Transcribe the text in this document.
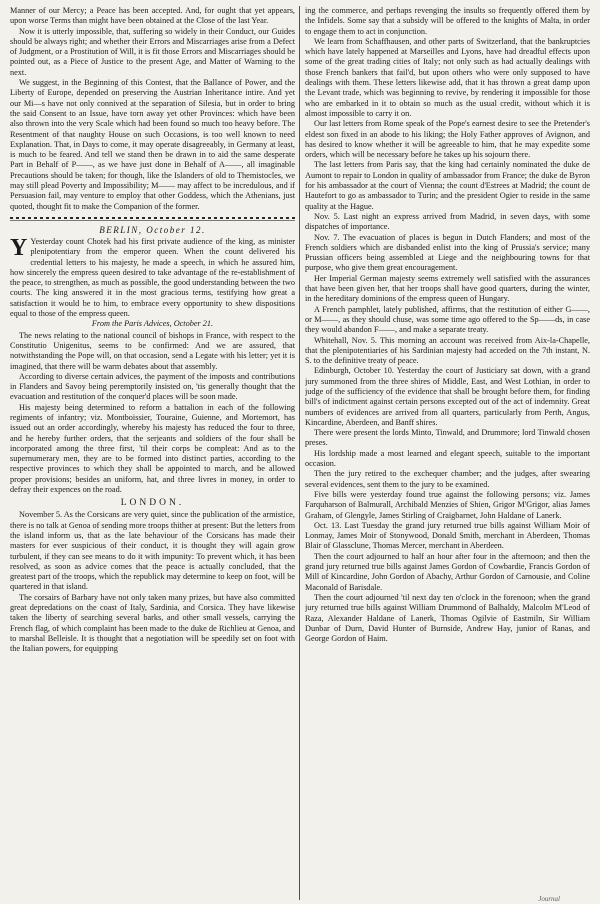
Manner of our Mercy; a Peace has been accepted. And, for ought that yet appears, upon worse Terms than might have been obtained at the Close of the last Year.

Now it is utterly impossible, that, suffering so widely in their Conduct, our Guides should be always right; and whether their Errors and Miscarriages arise from a Defect of Judgment, or a Prostitution of Will, it is fit those Errors and Miscarriages should be pointed out, as a Piece of Justice to the present Age, and Matter of Warning to the next.

We suggest, in the Beginning of this Contest, that the Ballance of Power, and the Liberty of Europe, depended on preserving the Austrian Inheritance intire. And yet our Mi—s have not only connived at the separation of Silesia, but in order to bring the said Consent to an Issue, have torn away yet other Provinces: which have been also thrown into the very Scale which had been found so much too heavy before. The Resentment of that naughty House on such Occasions, is too well known to need Explanation. That, in Days to come, it may operate disagreeably, in Germany at least, is much to be feared. And tell we stand then be drawn in to aid the same desperate Part in Behalf of P——, as we have just done in Behalf of A——, all imaginable Precautions should be taken; for though, like the Islanders of old to Themistocles, we may still plead Poverty and Impossibility; M—— may affect to be incredulous, and if Persuasion fail, may venture to employ that other Goddess, which the Athenians, just quoted, thought fit to make the Companion of the former.

BERLIN, October 12.

Y Yesterday count Chotek had his first private audience of the king, as minister plenipotentiary from the emperor queen. When the count delivered his credential letters to his majesty, he made a speech, in which he assured him, how sincerely the empress queen desired to take advantage of the re-establishment of the peace, to strengthen, as much as possible, the good understanding between the two courts. The king answered it in the most gracious terms, testifying how great a satisfaction it would be to him, to embrace every opportunity to shew dispositions equal to those of the empress queen.

From the Paris Advices, October 21.

The news relating to the national council of bishops in France, with respect to the Constitutio Unigenitus, seems to be confirmed: And we are assured, that notwithstanding the Pope will, on that occasion, send a Legate with his letter; yet it is imagined, that there will be warm debates about that assembly.

According to diverse certain advices, the payment of the imposts and contributions in Flanders and Savoy being peremptorily insisted on, 'tis generally thought that the evacuation and restitution of the conquer'd places will be soon made.

His majesty being determined to reform a battalion in each of the following regiments of infantry; viz. Montboissier, Touraine, Guienne, and Mortemort, has issued out an order accordingly, whereby his majesty has reduced the four to three, and he hereby further orders, that the serjeants and soldiers of the four shall be incorporated among the three first, 'til their corps be compleat: And as to the supernumerary men, they are to be formed into distinct parties, according to the respective provinces to which they shall be appointed to march, and be allowed proper provisions; besides an uniform, hat, and three livres in money, in order to defray their expences on the road.

LONDON.

November 5. As the Corsicans are very quiet, since the publication of the armistice, there is no talk at Genoa of sending more troops thither at present: But the letters from the island inform us, that as the late behaviour of the Corsicans has made their masters for ever suspicious of their conduct, it is thought they will again grow turbulent, if they can see means to do it with impunity: To prevent which, it has been resolved, as soon as advice comes that the peace is actually concluded, that the greatest part of the troops, which the republick may determine to keep on foot, will be quartered in that island.

The corsairs of Barbary have not only taken many prizes, but have also committed great depredations on the coast of Italy, Sardinia, and Corsica. They have likewise taken the liberty of searching several barks, and other small vessels, carrying the French flag, of which complaint has been made to the duke de Richlieu at Genoa, and to marshal Belleisle. It is thought that a negotiation will be speedily set on foot with the Italian powers, for equipping

ing the commerce, and perhaps revenging the insults so frequently offered them by the Infidels. Some say that a subsidy will be offered to the knights of Malta, in order to engage them to act in conjunction.

We learn from Schaffhausen, and other parts of Switzerland, that the bankruptcies which have lately happened at Marseilles and Lyons, have had dreadful effects upon some of the great trading cities of Italy; not only such as had actually dealings with those French bankers that fail'd, but upon others who were only supposed to have dealings with them. These letters likewise add, that it has thrown a great damp upon the Levant trade, which was beginning to revive, by rendering it impossible for those who are embarked in it to obtain so much as the usual credit, without which it is almost impossible to carry it on.

Our last letters from Rome speak of the Pope's earnest desire to see the Pretender's eldest son fixed in an abode to his liking; the Holy Father approves of Avignon, and has desired to know whether it will be agreeable to him, that he may expedite some orders, which will be necessary before he takes up his sojourn there.

The last letters from Paris say, that the king had certainly nominated the duke de Aumont to repair to London in quality of ambassador from France; the duke de Byron for his ambassador at the court of Vienna; the count d'Estrees at Madrid; the count de Hautefort to go as ambassador to Turin; and the president Ogier to reside in the same quality at the Hague.

Nov. 5. Last night an express arrived from Madrid, in seven days, with some dispatches of importance.

Nov. 7. The evacuation of places is begun in Dutch Flanders; and most of the French soldiers which are disbanded enlist into the king of Prussia's service; many Prussian officers being assembled at Liege and the neighbouring towns for that purpose, who give them great encouragement.

Her Imperial German majesty seems extremely well satisfied with the assurances that have been given her, that her troops shall have good quarters, during the winter, in the hereditary dominions of the empress queen of Hungary.

A French pamphlet, lately published, affirms, that the restitution of either G——, or M——, as they should chuse, was some time ago offered to the Sp——ds, in case they would abandon F——, and make a separate treaty.

Whitehall, Nov. 5. This morning an account was received from Aix-la-Chapelle, that the plenipotentiaries of his Sardinian majesty had acceded on the 7th instant, N. S. to the definitive treaty of peace.

Edinburgh, October 10. Yesterday the court of Justiciary sat down, with a grand jury summoned from the three shires of Middle, East, and West Lothian, in order to judge of the sufficiency of the evidence that shall be brought before them, for finding bill's of indictment against certain persons excepted out of the act of indemnity. Great numbers of evidences are arrived from all quarters, particularly from Perth, Angus, Kincardine, Aberdeen, and Banff shires.

There were present the lords Minto, Tinwald, and Drummore; lord Tinwald chosen preses.

His lordship made a most learned and elegant speech, suitable to the important occasion.

Then the jury retired to the exchequer chamber; and the judges, after swearing several evidences, sent them to the jury to be examined.

Five bills were yesterday found true against the following persons; viz. James Farquharson of Balmurall, Archibald Menzies of Shien, Grigor M'Grigor, alias James Graham, of Glengyle, James Stirling of Craigbarnet, John Haldane of Lanerk.

Oct. 13. Last Tuesday the grand jury returned true bills against William Moir of Lonmay, James Moir of Stonywood, Donald Smith, merchant in Aberdeen, Thomas Blair of Glassclune, Thomas Mercer, merchant in Aberdeen.

Then the court adjourned to half an hour after four in the afternoon; and then the grand jury returned true bills against James Gordon of Cowbardie, Francis Gordon of Mill of Kincardine, John Gordon of Abachy, Arthur Gordon of Carnousie, and Coline Maconald of Barisdale.

Then the court adjourned 'til next day ten o'clock in the forenoon; when the grand jury returned true bills against William Drummond of Balhaldy, Malcolm M'Leod of Raza, Alexander Haldane of Lanerk, Thomas Ogilvie of Eastmiln, Sir William Dunbar of Durn, David Hunter of Burnside, Andrew Hay, junior of Ranas, and George Gordon of Haim.

Journal
